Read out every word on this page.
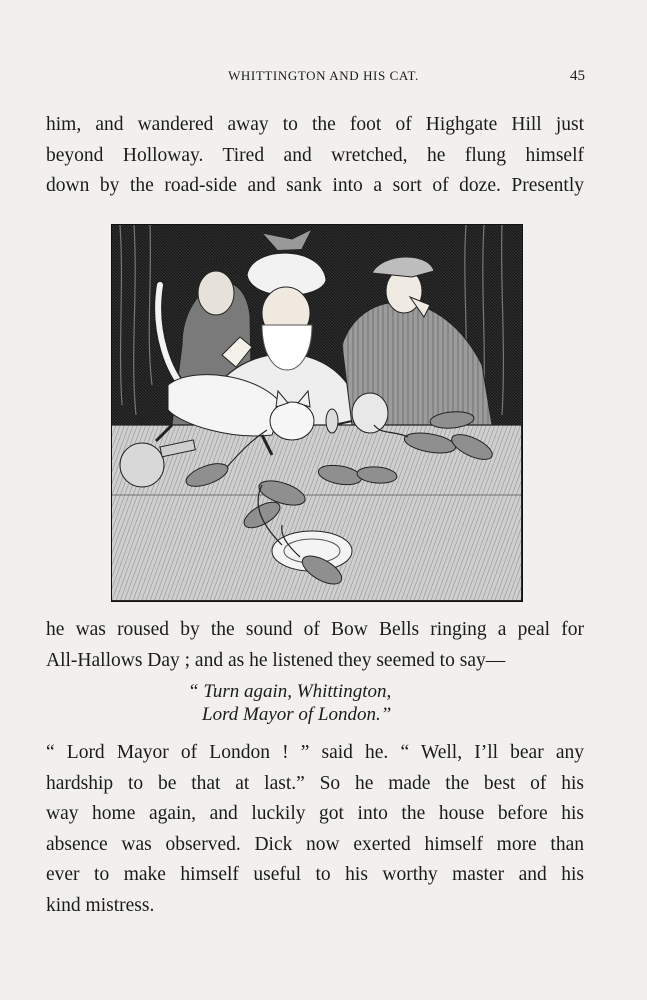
WHITTINGTON AND HIS CAT.	45
him, and wandered away to the foot of Highgate Hill just
beyond Holloway. Tired and wretched, he flung himself
down by the road-side and sank into a sort of doze. Presently
he was roused by the sound of Bow Bells ringing a peal for
All-Hallows Day ; and as he listened they seemed to say—
“ Turn again, Whittington,
Lord Mayor of London.”
“ Lord Mayor of London ! ” said he. “ Well, I’ll bear any
hardship to be that at last.” So he made the best of his
way home again, and luckily got into the house before his
absence was observed. Dick now exerted himself more than
ever to make himself useful to his worthy master and his
kind mistress.
